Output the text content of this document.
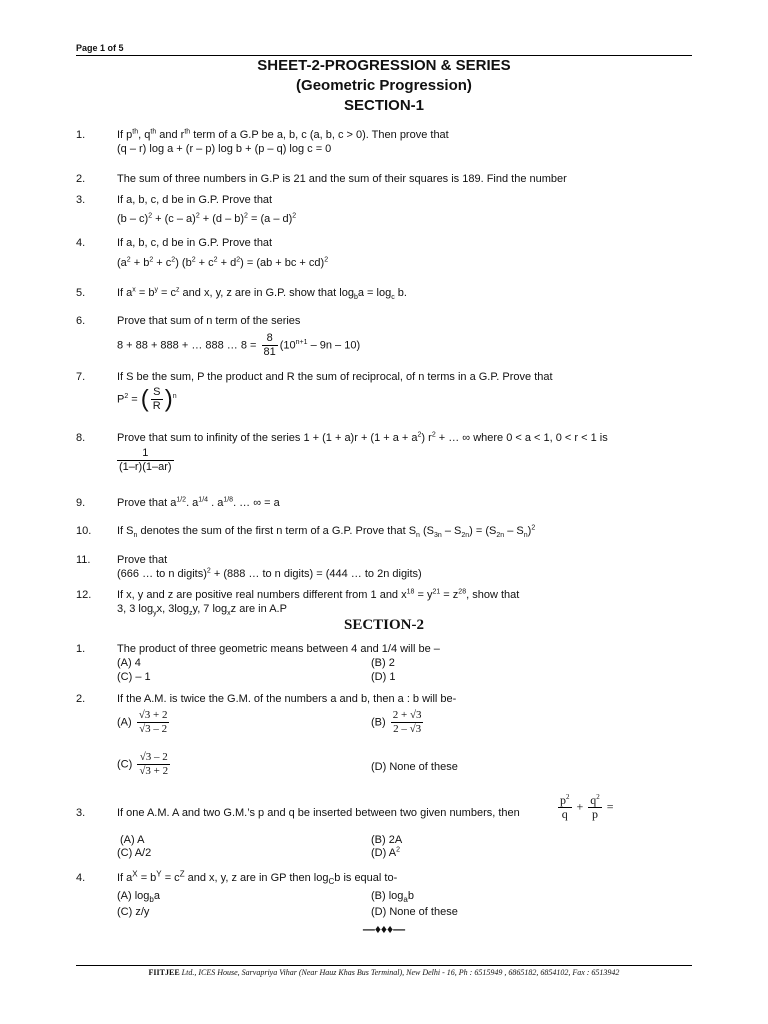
Page 1 of 5
SHEET-2-PROGRESSION & SERIES
(Geometric Progression)
SECTION-1
1.	If $p^{th}$, $q^{th}$ and $r^{th}$ term of a G.P be a, b, c (a, b, c > 0). Then prove that
(q – r) log a + (r – p) log b + (p – q) log c = 0
2.	The sum of three numbers in G.P is 21 and the sum of their squares is 189. Find the number
3.	If a, b, c, d be in G.P. Prove that
(b – c)$^2$ + (c – a)$^2$ + (d – b)$^2$ = (a – d)$^2$
4.	If a, b, c, d be in G.P. Prove that
$(a^2 + b^2 + c^2) (b^2 + c^2 + d^2) = (ab$ + bc + cd)$^2$
5.	If $a^x = b^y = c^z$ and x, y, z are in G.P. show that $\log_ba = \log_c b$.
6.	Prove that sum of n term of the series
8 + 88 + 888 + … 888 … $8 = \frac{8}{81} (10^{n+1} - 9n - 10)$
7.	If S be the sum, P the product and R the sum of reciprocal, of n terms in a G.P. Prove that
$P^2$ = ( $\frac{S}{R} )^n$
8.	Prove that sum to infinity of the series $1 + (1 + a)r + (1 + a + a^2)$ $r^2$ + … ∞ where 0 < a < 1, 0 < r < 1 is
$\frac{1}{(1-r)(1-ar)}$
9.	Prove that $a^{1/2}$. $a^{1/4}$ . $a^{1/8}$. … ∞ = a
10. If $S_n$ denotes the sum of the first n term of a G.P. Prove that $S_n$ $(S_{3n} - S_{2n}) = (S_{2n} - S_n)^2$
11. Prove that
(666 … to n digits)$^2$ + (888 … to n digits) = (444 … to 2n digits)
12. If x, y and z are positive real numbers different from 1 and $x^{18} = y^{21} = z^{28}$, show that
3, 3 $\log_yx$, $3\log_zy$, 7 $\log_xz$ are in A.P
SECTION-2
1.	The product of three geometric means between 4 and 1/4 will be –
(A) 4	(B) 2
(C) – 1	(D) 1
2.	If the A.M. is twice the G.M. of the numbers a and b, then a : b will be-
$(A) \frac{√3 + 2}{√3 - 2}$	$(B) \frac{2 + √3}{2 - √3}$
$(C) \frac{√3 - 2}{√3 + 2}$	(D) None of these
3.	If one A.M. A and two G.M.’s p and q be inserted between two given numbers, then	$\frac{p^2}{q} + \frac{q^2}{p}$ =
(A) A	(B) 2A
(C) A/2	(D) $A^2$
4.	If $a^X = b^Y = c^Z$ and x, y, z are in GP then $\log_Cb$ is equal to-
(A) $\log_ba$	(B) $\log_ab$
(C) z/y	(D) None of these
—♦♦♦—
FIITJEE Ltd., ICES House, Sarvapriya Vihar (Near Hauz Khas Bus Terminal), New Delhi - 16, Ph : 6515949 , 6865182, 6854102, Fax : 6513942
